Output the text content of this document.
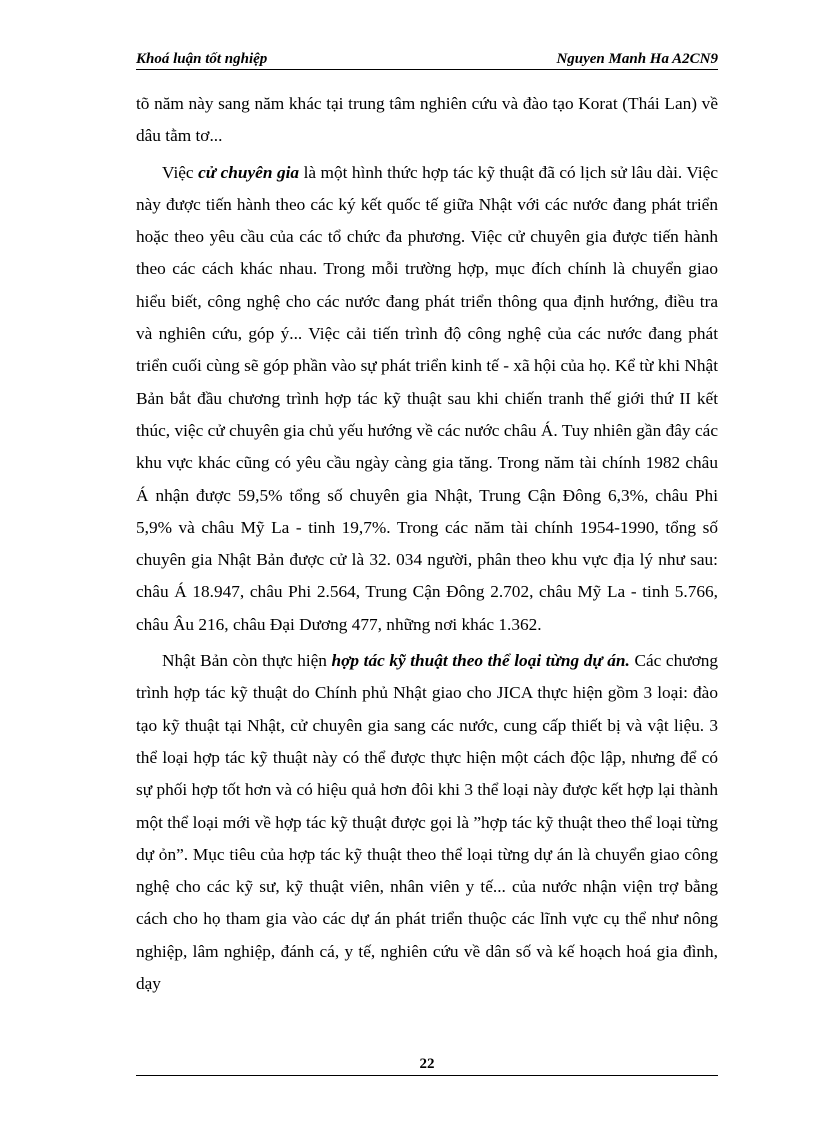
Khoá luận tốt nghiệp	Nguyen Manh Ha A2CN9

tõ năm này sang năm khác tại trung tâm nghiên cứu và đào tạo Korat (Thái Lan) về dâu tằm tơ...

Việc cử chuyên gia là một hình thức hợp tác kỹ thuật đã có lịch sử lâu dài. Việc này được tiến hành theo các ký kết quốc tế giữa Nhật với các nước đang phát triển hoặc theo yêu cầu của các tổ chức đa phương. Việc cử chuyên gia được tiến hành theo các cách khác nhau. Trong mỗi trường hợp, mục đích chính là chuyển giao hiểu biết, công nghệ cho các nước đang phát triển thông qua định hướng, điều tra và nghiên cứu, góp ý... Việc cải tiến trình độ công nghệ của các nước đang phát triển cuối cùng sẽ góp phần vào sự phát triển kinh tế - xã hội của họ. Kể từ khi Nhật Bản bắt đầu chương trình hợp tác kỹ thuật sau khi chiến tranh thế giới thứ II kết thúc, việc cử chuyên gia chủ yếu hướng về các nước châu Á. Tuy nhiên gần đây các khu vực khác cũng có yêu cầu ngày càng gia tăng. Trong năm tài chính 1982 châu Á nhận được 59,5% tổng số chuyên gia Nhật, Trung Cận Đông 6,3%, châu Phi 5,9% và châu Mỹ La - tinh 19,7%. Trong các năm tài chính 1954-1990, tổng số chuyên gia Nhật Bản được cử là 32. 034 người, phân theo khu vực địa lý như sau: châu Á 18.947, châu Phi 2.564, Trung Cận Đông 2.702, châu Mỹ La - tinh 5.766, châu Âu 216, châu Đại Dương 477, những nơi khác 1.362.

Nhật Bản còn thực hiện hợp tác kỹ thuật theo thể loại từng dự án. Các chương trình hợp tác kỹ thuật do Chính phủ Nhật giao cho JICA thực hiện gồm 3 loại: đào tạo kỹ thuật tại Nhật, cử chuyên gia sang các nước, cung cấp thiết bị và vật liệu. 3 thể loại hợp tác kỹ thuật này có thể được thực hiện một cách độc lập, nhưng để có sự phối hợp tốt hơn và có hiệu quả hơn đôi khi 3 thể loại này được kết hợp lại thành một thể loại mới về hợp tác kỹ thuật được gọi là ”hợp tác kỹ thuật theo thể loại từng dự ỏn”. Mục tiêu của hợp tác kỹ thuật theo thể loại từng dự án là chuyển giao công nghệ cho các kỹ sư, kỹ thuật viên, nhân viên y tế... của nước nhận viện trợ bằng cách cho họ tham gia vào các dự án phát triển thuộc các lĩnh vực cụ thể như nông nghiệp, lâm nghiệp, đánh cá, y tế, nghiên cứu về dân số và kế hoạch hoá gia đình, dạy

22
